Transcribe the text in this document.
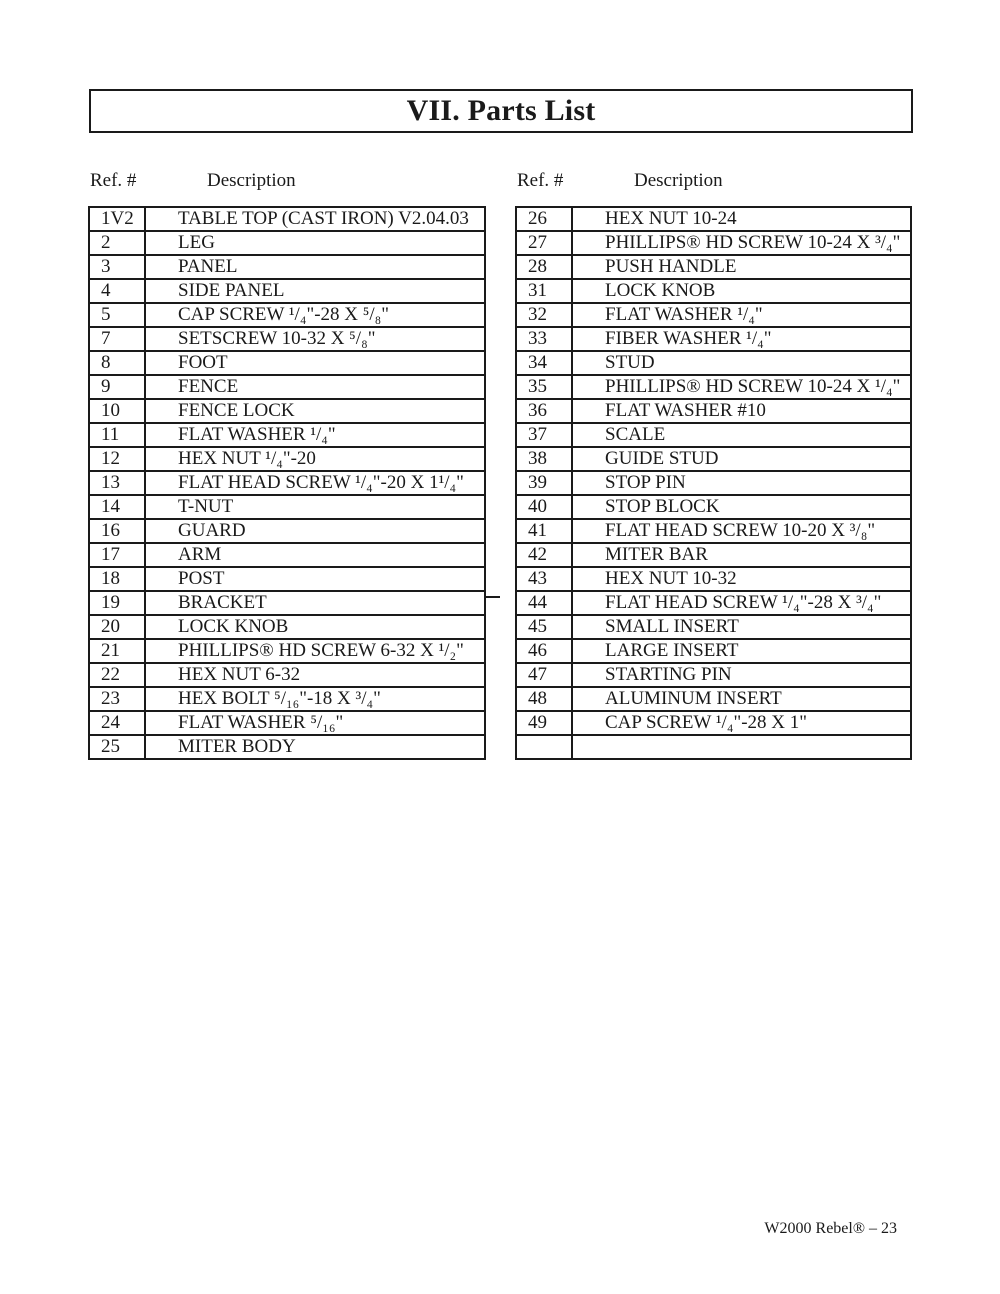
VII. Parts List
Ref. #	Description	Ref. #	Description
1V2	TABLE TOP (CAST IRON) V2.04.03
2	LEG
3	PANEL
4	SIDE PANEL
5	CAP SCREW ¹/₄"-28 X ⁵/₈"
7	SETSCREW 10-32 X ⁵/₈"
8	FOOT
9	FENCE
10	FENCE LOCK
11	FLAT WASHER ¹/₄"
12	HEX NUT ¹/₄"-20
13	FLAT HEAD SCREW ¹/₄"-20 X 1¹/₄"
14	T-NUT
16	GUARD
17	ARM
18	POST
19	BRACKET
20	LOCK KNOB
21	PHILLIPS® HD SCREW 6-32 X ¹/₂"
22	HEX NUT 6-32
23	HEX BOLT ⁵/₁₆"-18 X ³/₄"
24	FLAT WASHER ⁵/₁₆"
25	MITER BODY
26	HEX NUT 10-24
27	PHILLIPS® HD SCREW 10-24 X ³/₄"
28	PUSH HANDLE
31	LOCK KNOB
32	FLAT WASHER ¹/₄"
33	FIBER WASHER ¹/₄"
34	STUD
35	PHILLIPS® HD SCREW 10-24 X ¹/₄"
36	FLAT WASHER #10
37	SCALE
38	GUIDE STUD
39	STOP PIN
40	STOP BLOCK
41	FLAT HEAD SCREW 10-20 X ³/₈"
42	MITER BAR
43	HEX NUT 10-32
44	FLAT HEAD SCREW ¹/₄"-28 X ³/₄"
45	SMALL INSERT
46	LARGE INSERT
47	STARTING PIN
48	ALUMINUM INSERT
49	CAP SCREW ¹/₄"-28 X 1"

W2000 Rebel® – 23
